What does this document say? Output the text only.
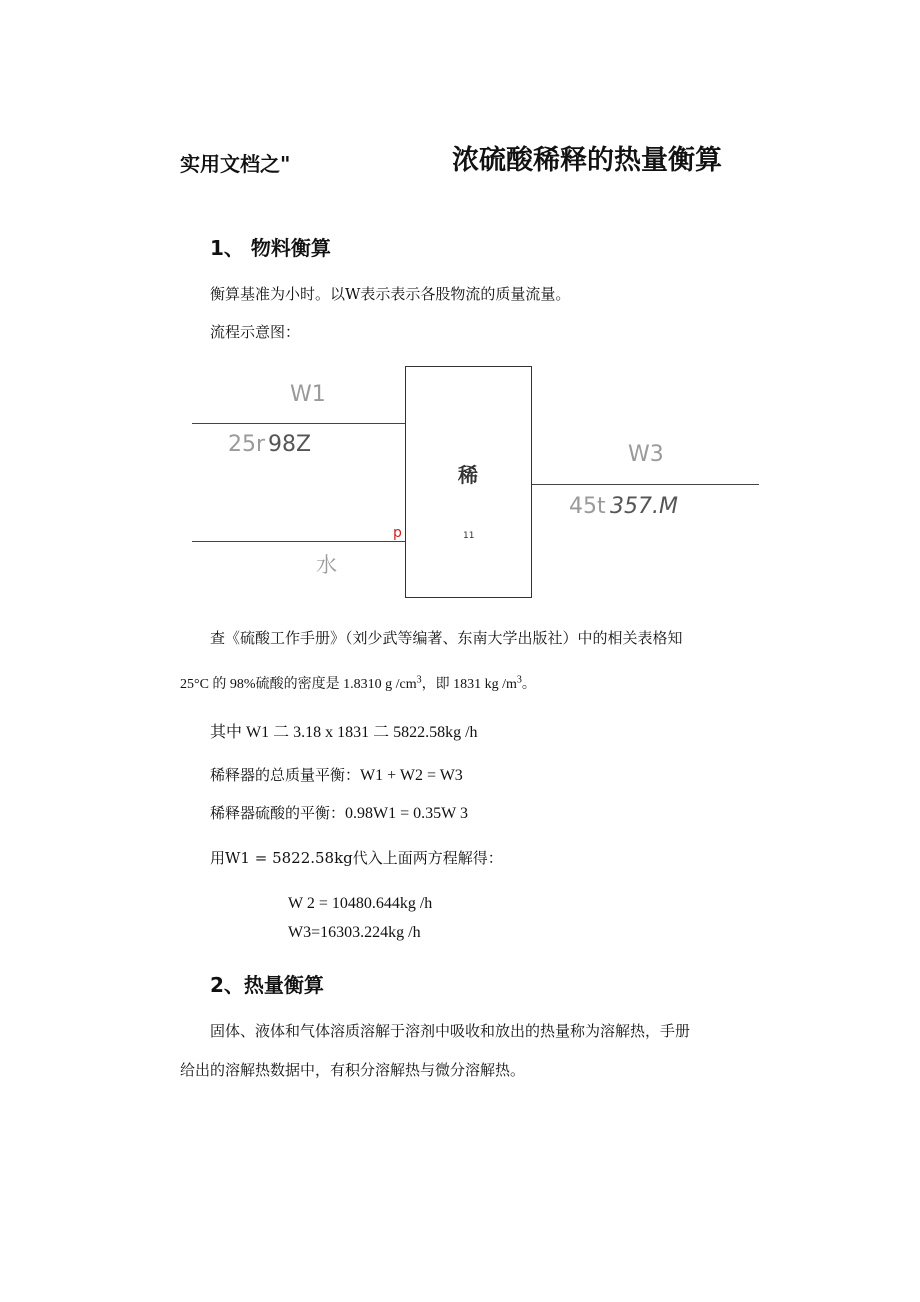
实用文档之"	浓硫酸稀释的热量衡算
1、 物料衡算
衡算基准为小时。以W表示表示各股物流的质量流量。
流程示意图：
W1
25r 98Z
水
p
稀
11
W3
45t 357.M
查《硫酸工作手册》（刘少武等编著、东南大学出版社）中的相关表格知
25°C 的 98%硫酸的密度是 1.8310 g $/cm^3$，即 1831 kg $/m^3$。
其中 W1 二 3.18 x 1831 二 5822.58kg /h
稀释器的总质量平衡：W1 + W2 = W3
稀释器硫酸的平衡：0.98W1 = 0.35W 3
用W1 = 5822.58kg代入上面两方程解得：
W 2 = 10480.644kg /h
W3=16303.224kg /h
2、热量衡算
固体、液体和气体溶质溶解于溶剂中吸收和放出的热量称为溶解热，手册
给出的溶解热数据中，有积分溶解热与微分溶解热。
